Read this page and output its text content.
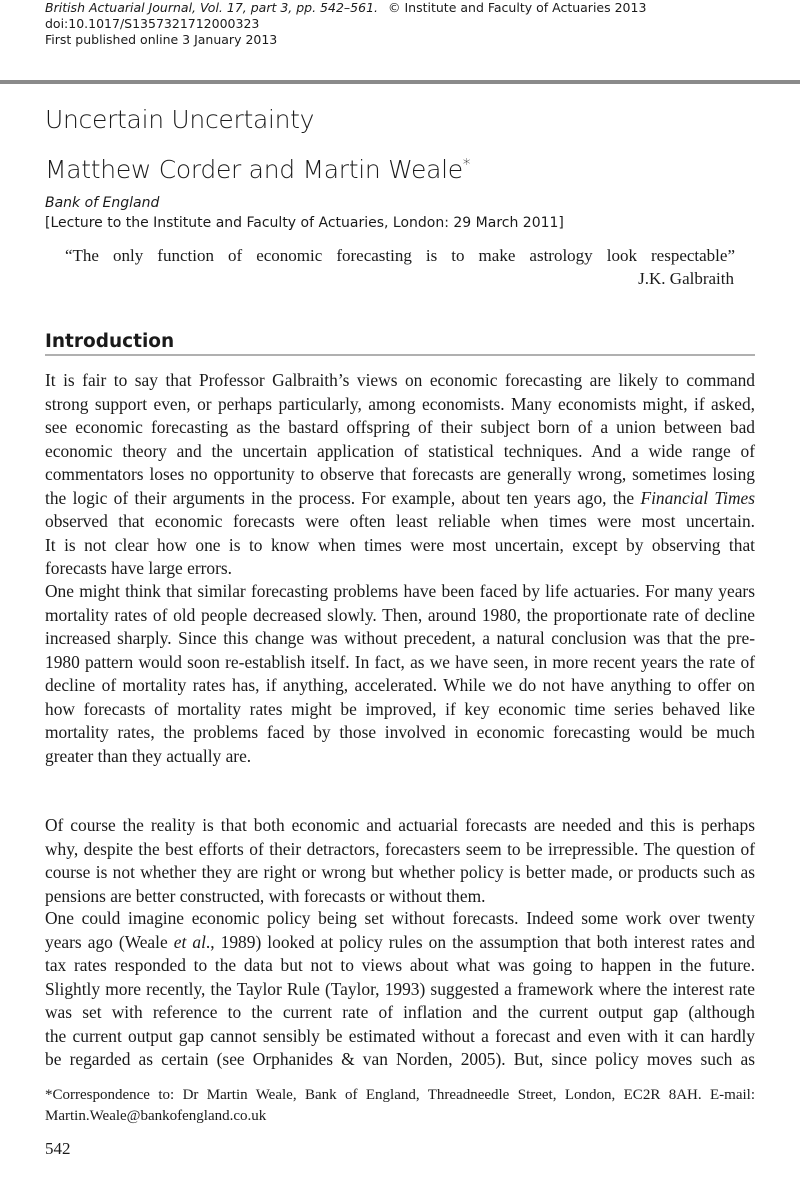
British Actuarial Journal, Vol. 17, part 3, pp. 542–561. © Institute and Faculty of Actuaries 2013
doi:10.1017/S1357321712000323
First published online 3 January 2013
Uncertain Uncertainty
Matthew Corder and Martin Weale*
Bank of England
[Lecture to the Institute and Faculty of Actuaries, London: 29 March 2011]
“The only function of economic forecasting is to make astrology look respectable”
J.K. Galbraith
Introduction
It is fair to say that Professor Galbraith’s views on economic forecasting are likely to command
strong support even, or perhaps particularly, among economists. Many economists might, if asked,
see economic forecasting as the bastard offspring of their subject born of a union between bad
economic theory and the uncertain application of statistical techniques. And a wide range of
commentators loses no opportunity to observe that forecasts are generally wrong, sometimes losing
the logic of their arguments in the process. For example, about ten years ago, the Financial Times
observed that economic forecasts were often least reliable when times were most uncertain.
It is not clear how one is to know when times were most uncertain, except by observing that
forecasts have large errors.
One might think that similar forecasting problems have been faced by life actuaries. For many years
mortality rates of old people decreased slowly. Then, around 1980, the proportionate rate of decline
increased sharply. Since this change was without precedent, a natural conclusion was that the pre-
1980 pattern would soon re-establish itself. In fact, as we have seen, in more recent years the rate of
decline of mortality rates has, if anything, accelerated. While we do not have anything to offer on
how forecasts of mortality rates might be improved, if key economic time series behaved like
mortality rates, the problems faced by those involved in economic forecasting would be much
greater than they actually are.
Of course the reality is that both economic and actuarial forecasts are needed and this is perhaps
why, despite the best efforts of their detractors, forecasters seem to be irrepressible. The question of
course is not whether they are right or wrong but whether policy is better made, or products such as
pensions are better constructed, with forecasts or without them.
One could imagine economic policy being set without forecasts. Indeed some work over twenty
years ago (Weale et al., 1989) looked at policy rules on the assumption that both interest rates and
tax rates responded to the data but not to views about what was going to happen in the future.
Slightly more recently, the Taylor Rule (Taylor, 1993) suggested a framework where the interest rate
was set with reference to the current rate of inflation and the current output gap (although
the current output gap cannot sensibly be estimated without a forecast and even with it can hardly
be regarded as certain (see Orphanides & van Norden, 2005). But, since policy moves such as
*Correspondence to: Dr Martin Weale, Bank of England, Threadneedle Street, London, EC2R 8AH. E-mail:
Martin.Weale@bankofengland.co.uk
542
